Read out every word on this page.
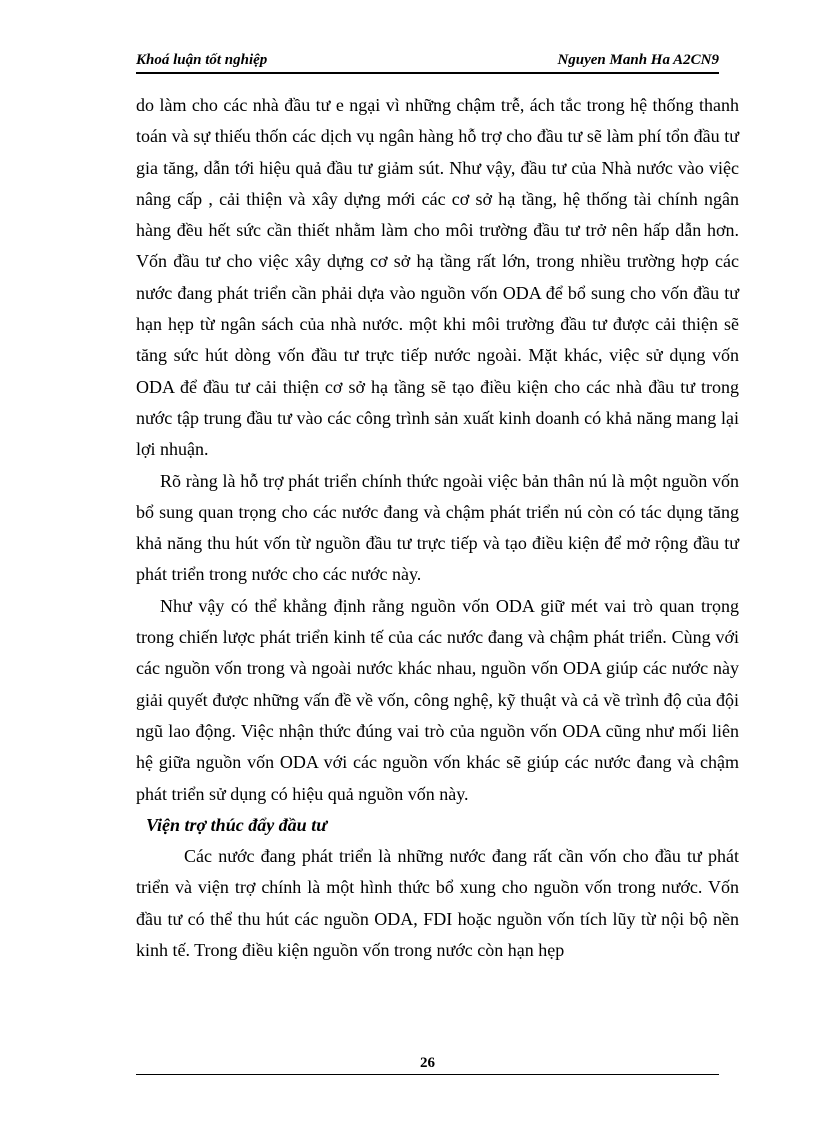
Khoá luận tốt nghiệp	Nguyen Manh Ha A2CN9

do làm cho các nhà đầu tư e ngại vì những chậm trễ, ách tắc trong hệ thống thanh toán và sự thiếu thốn các dịch vụ ngân hàng hỗ trợ cho đầu tư sẽ làm phí tổn đầu tư gia tăng, dẫn tới hiệu quả đầu tư giảm sút. Như vậy, đầu tư của Nhà nước vào việc nâng cấp , cải thiện và xây dựng mới các cơ sở hạ tầng, hệ thống tài chính ngân hàng đều hết sức cần thiết nhằm làm cho môi trường đầu tư trở nên hấp dẫn hơn. Vốn đầu tư cho việc xây dựng cơ sở hạ tầng rất lớn, trong nhiều trường hợp các nước đang phát triển cần phải dựa vào nguồn vốn ODA để bổ sung cho vốn đầu tư hạn hẹp từ ngân sách của nhà nước. một khi môi trường đầu tư được cải thiện sẽ tăng sức hút dòng vốn đầu tư trực tiếp nước ngoài. Mặt khác, việc sử dụng vốn ODA để đầu tư cải thiện cơ sở hạ tầng sẽ tạo điều kiện cho các nhà đầu tư trong nước tập trung đầu tư vào các công trình sản xuất kinh doanh có khả năng mang lại lợi nhuận.

Rõ ràng là hỗ trợ phát triển chính thức ngoài việc bản thân nú là một nguồn vốn bổ sung quan trọng cho các nước đang và chậm phát triển nú còn có tác dụng tăng khả năng thu hút vốn từ nguồn đầu tư trực tiếp và tạo điều kiện để mở rộng đầu tư phát triển trong nước cho các nước này.

Như vậy có thể khẳng định rằng nguồn vốn ODA giữ mét vai trò quan trọng trong chiến lược phát triển kinh tế của các nước đang và chậm phát triển. Cùng với các nguồn vốn trong và ngoài nước khác nhau, nguồn vốn ODA giúp các nước này giải quyết được những vấn đề về vốn, công nghệ, kỹ thuật và cả về trình độ của đội ngũ lao động. Việc nhận thức đúng vai trò của nguồn vốn ODA cũng như mối liên hệ giữa nguồn vốn ODA với các nguồn vốn khác sẽ giúp các nước đang và chậm phát triển sử dụng có hiệu quả nguồn vốn này.

Viện trợ thúc đẩy đầu tư

Các nước đang phát triển là những nước đang rất cần vốn cho đầu tư phát triển và viện trợ chính là một hình thức bổ xung cho nguồn vốn trong nước. Vốn đầu tư có thể thu hút các nguồn ODA, FDI hoặc nguồn vốn tích lũy từ nội bộ nền kinh tế. Trong điều kiện nguồn vốn trong nước còn hạn hẹp

26
